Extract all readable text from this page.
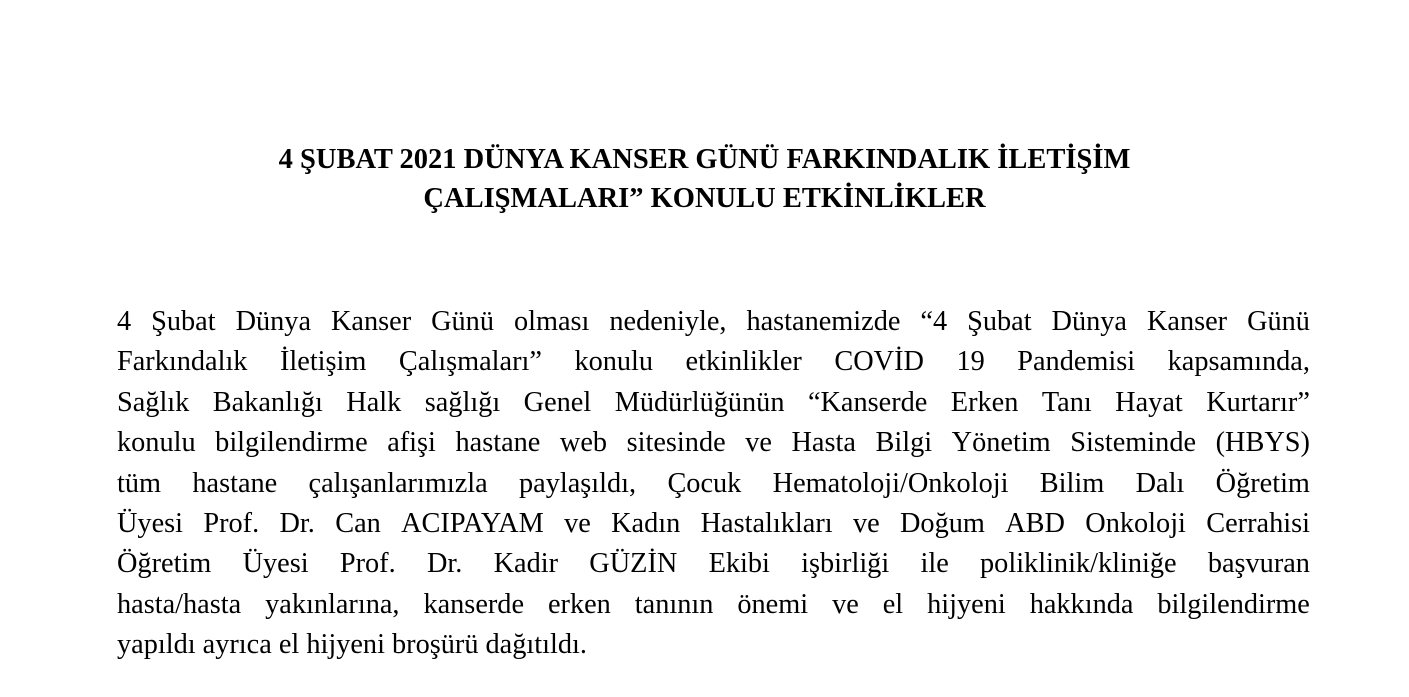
4 ŞUBAT 2021 DÜNYA KANSER GÜNÜ FARKINDALIK İLETİŞİM
ÇALIŞMALARI” KONULU ETKİNLİKLER
4 Şubat Dünya Kanser Günü olması nedeniyle, hastanemizde “4 Şubat Dünya Kanser Günü
Farkındalık İletişim Çalışmaları” konulu etkinlikler COVİD 19 Pandemisi kapsamında,
Sağlık Bakanlığı Halk sağlığı Genel Müdürlüğünün “Kanserde Erken Tanı Hayat Kurtarır”
konulu bilgilendirme afişi hastane web sitesinde ve Hasta Bilgi Yönetim Sisteminde (HBYS)
tüm hastane çalışanlarımızla paylaşıldı, Çocuk Hematoloji/Onkoloji Bilim Dalı Öğretim
Üyesi Prof. Dr. Can ACIPAYAM ve Kadın Hastalıkları ve Doğum ABD Onkoloji Cerrahisi
Öğretim Üyesi Prof. Dr. Kadir GÜZİN Ekibi işbirliği ile poliklinik/kliniğe başvuran
hasta/hasta yakınlarına, kanserde erken tanının önemi ve el hijyeni hakkında bilgilendirme
yapıldı ayrıca el hijyeni broşürü dağıtıldı.
